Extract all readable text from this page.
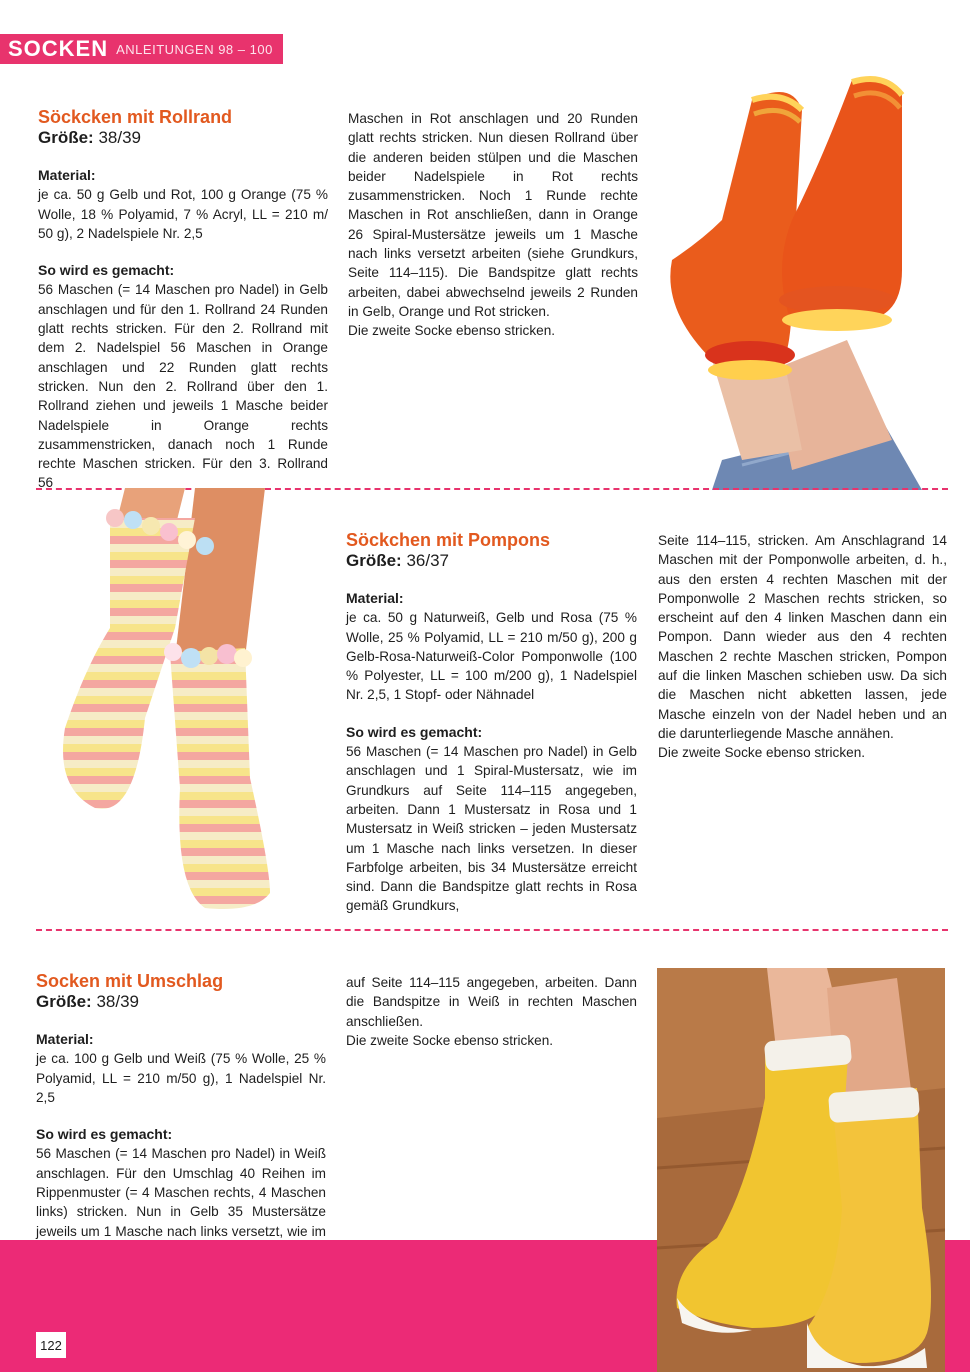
SOCKEN ANLEITUNGEN 98 – 100
Söckcken mit Rollrand
Größe: 38/39
Material:

je ca. 50 g Gelb und Rot, 100 g Orange (75 % Wolle, 18 % Polyamid, 7 % Acryl, LL = 210 m/ 50 g), 2 Nadelspiele Nr. 2,5

So wird es gemacht:

56 Maschen (= 14 Maschen pro Nadel) in Gelb anschlagen und für den 1. Rollrand 24 Runden glatt rechts stricken. Für den 2. Rollrand mit dem 2. Nadelspiel 56 Maschen in Orange anschlagen und 22 Runden glatt rechts stricken. Nun den 2. Rollrand über den 1. Rollrand ziehen und jeweils 1 Masche beider Nadelspiele in Orange rechts zusammenstricken, danach noch 1 Runde rechte Maschen stricken. Für den 3. Rollrand 56

Maschen in Rot anschlagen und 20 Runden glatt rechts stricken. Nun diesen Rollrand über die anderen beiden stülpen und die Maschen beider Nadelspiele in Rot rechts zusammenstricken. Noch 1 Runde rechte Maschen in Rot anschließen, dann in Orange 26 Spiral-Mustersätze jeweils um 1 Masche nach links versetzt arbeiten (siehe Grundkurs, Seite 114–115). Die Bandspitze glatt rechts arbeiten, dabei abwechselnd jeweils 2 Runden in Gelb, Orange und Rot stricken.

Die zweite Socke ebenso stricken.

Söckchen mit Pompons
Größe: 36/37
Material:

je ca. 50 g Naturweiß, Gelb und Rosa (75 % Wolle, 25 % Polyamid, LL = 210 m/50 g), 200 g Gelb-Rosa-Naturweiß-Color Pomponwolle (100 % Polyester, LL = 100 m/200 g), 1 Nadelspiel Nr. 2,5, 1 Stopf- oder Nähnadel

So wird es gemacht:

56 Maschen (= 14 Maschen pro Nadel) in Gelb anschlagen und 1 Spiral-Mustersatz, wie im Grundkurs auf Seite 114–115 angegeben, arbeiten. Dann 1 Mustersatz in Rosa und 1 Mustersatz in Weiß stricken – jeden Mustersatz um 1 Masche nach links versetzen. In dieser Farbfolge arbeiten, bis 34 Mustersätze erreicht sind. Dann die Bandspitze glatt rechts in Rosa gemäß Grundkurs,

Seite 114–115, stricken. Am Anschlagrand 14 Maschen mit der Pomponwolle arbeiten, d. h., aus den ersten 4 rechten Maschen mit der Pomponwolle 2 Maschen rechts stricken, so erscheint auf den 4 linken Maschen dann ein Pompon. Dann wieder aus den 4 rechten Maschen 2 rechte Maschen stricken, Pompon auf die linken Maschen schieben usw. Da sich die Maschen nicht abketten lassen, jede Masche einzeln von der Nadel heben und an die darunterliegende Masche annähen.

Die zweite Socke ebenso stricken.

Socken mit Umschlag
Größe: 38/39
Material:

je ca. 100 g Gelb und Weiß (75 % Wolle, 25 % Polyamid, LL = 210 m/50 g), 1 Nadelspiel Nr. 2,5

So wird es gemacht:

56 Maschen (= 14 Maschen pro Nadel) in Weiß anschlagen. Für den Umschlag 40 Reihen im Rippenmuster (= 4 Maschen rechts, 4 Maschen links) stricken. Nun in Gelb 35 Mustersätze jeweils um 1 Masche nach links versetzt, wie im

auf Seite 114–115 angegeben, arbeiten. Dann die Bandspitze in Weiß in rechten Maschen anschließen.

Die zweite Socke ebenso stricken.

122
